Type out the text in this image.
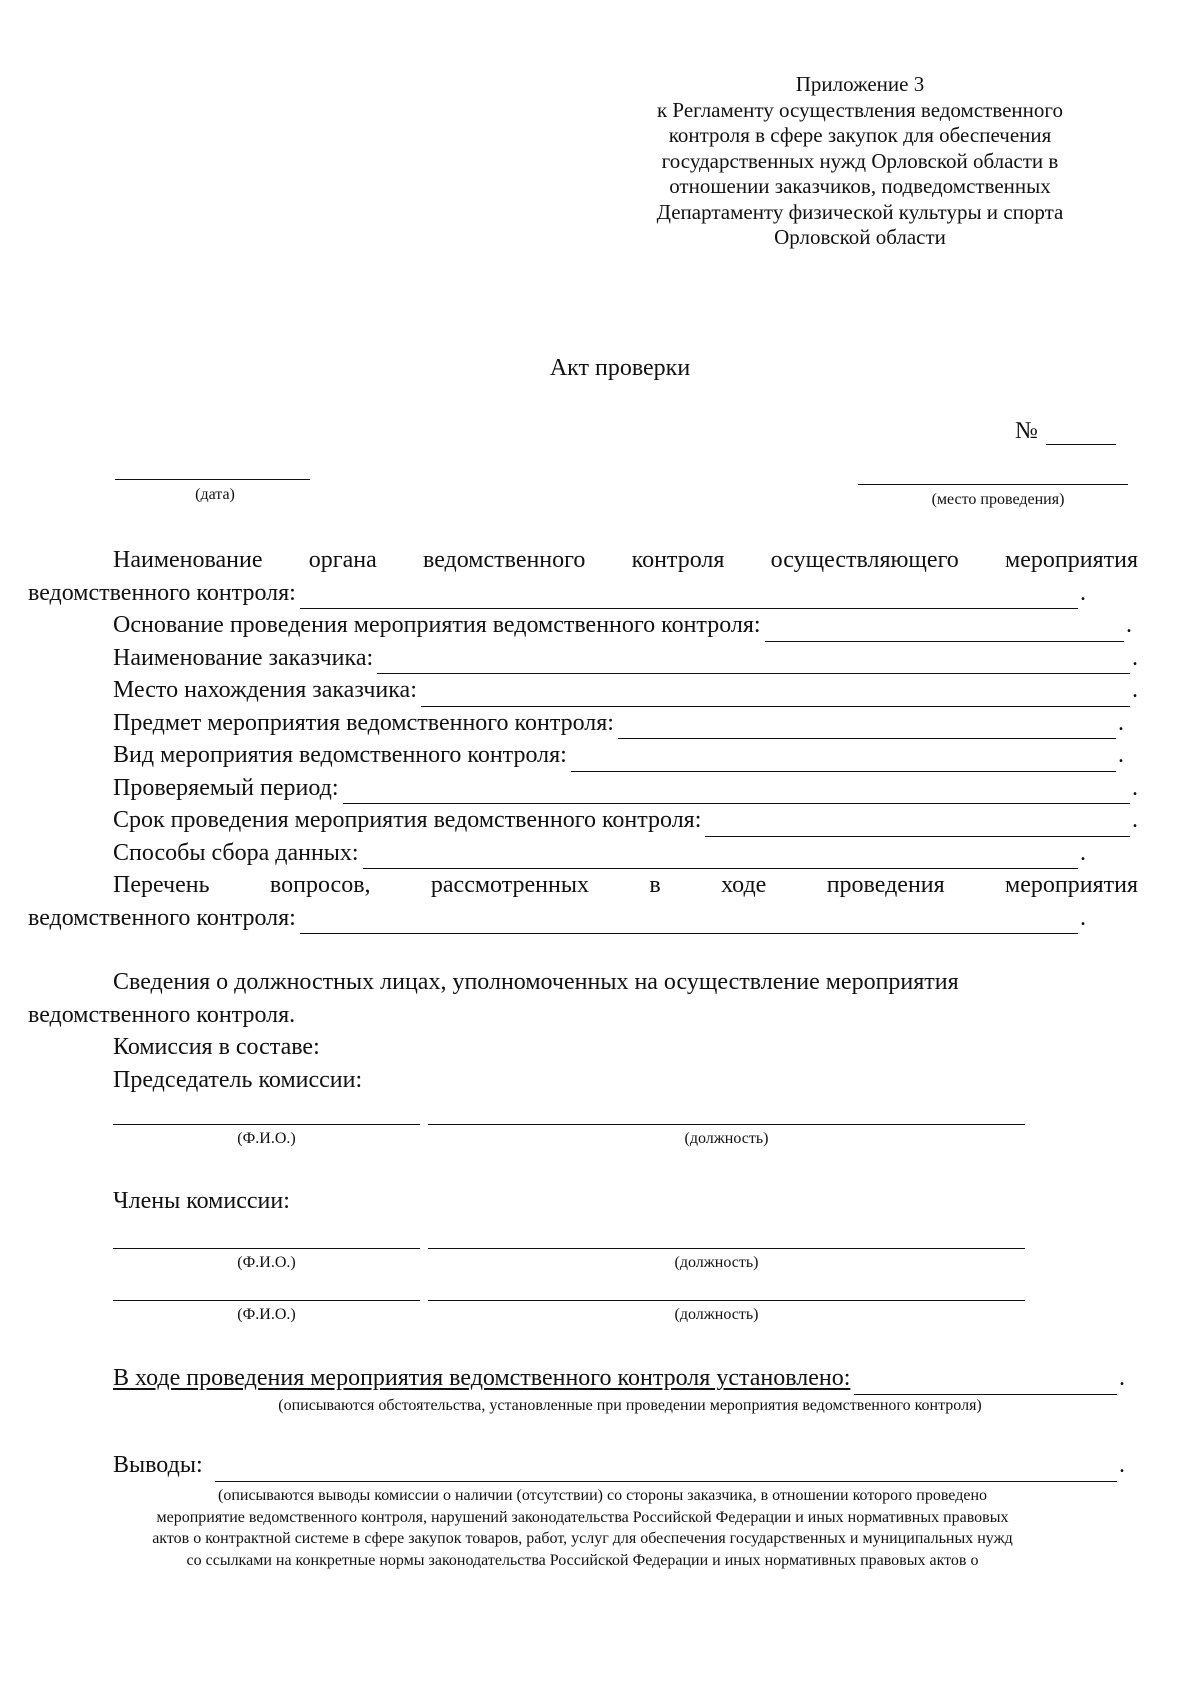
Приложение 3
к Регламенту осуществления ведомственного
контроля в сфере закупок для обеспечения
государственных нужд Орловской области в
отношении заказчиков, подведомственных
Департаменту физической культуры и спорта
Орловской области
Акт проверки
№
(дата)	(место проведения)
Наименование органа ведомственного контроля осуществляющего мероприятия
ведомственного контроля:	.
Основание проведения мероприятия ведомственного контроля:	.
Наименование заказчика:	.
Место нахождения заказчика:	.
Предмет мероприятия ведомственного контроля:	.
Вид мероприятия ведомственного контроля:	.
Проверяемый период:	.
Срок проведения мероприятия ведомственного контроля:	.
Способы сбора данных:	.
Перечень вопросов, рассмотренных в ходе проведения мероприятия
ведомственного контроля:	.
Сведения о должностных лицах, уполномоченных на осуществление мероприятия
ведомственного контроля.
Комиссия в составе:
Председатель комиссии:
(Ф.И.О.)	(должность)
Члены комиссии:
(Ф.И.О.)	(должность)
(Ф.И.О.)	(должность)
В ходе проведения мероприятия ведомственного контроля установлено:	.
(описываются обстоятельства, установленные при проведении мероприятия ведомственного контроля)
Выводы:	.
(описываются выводы комиссии о наличии (отсутствии) со стороны заказчика, в отношении которого проведено
мероприятие ведомственного контроля, нарушений законодательства Российской Федерации и иных нормативных правовых
актов о контрактной системе в сфере закупок товаров, работ, услуг для обеспечения государственных и муниципальных нужд
со ссылками на конкретные нормы законодательства Российской Федерации и иных нормативных правовых актов о
